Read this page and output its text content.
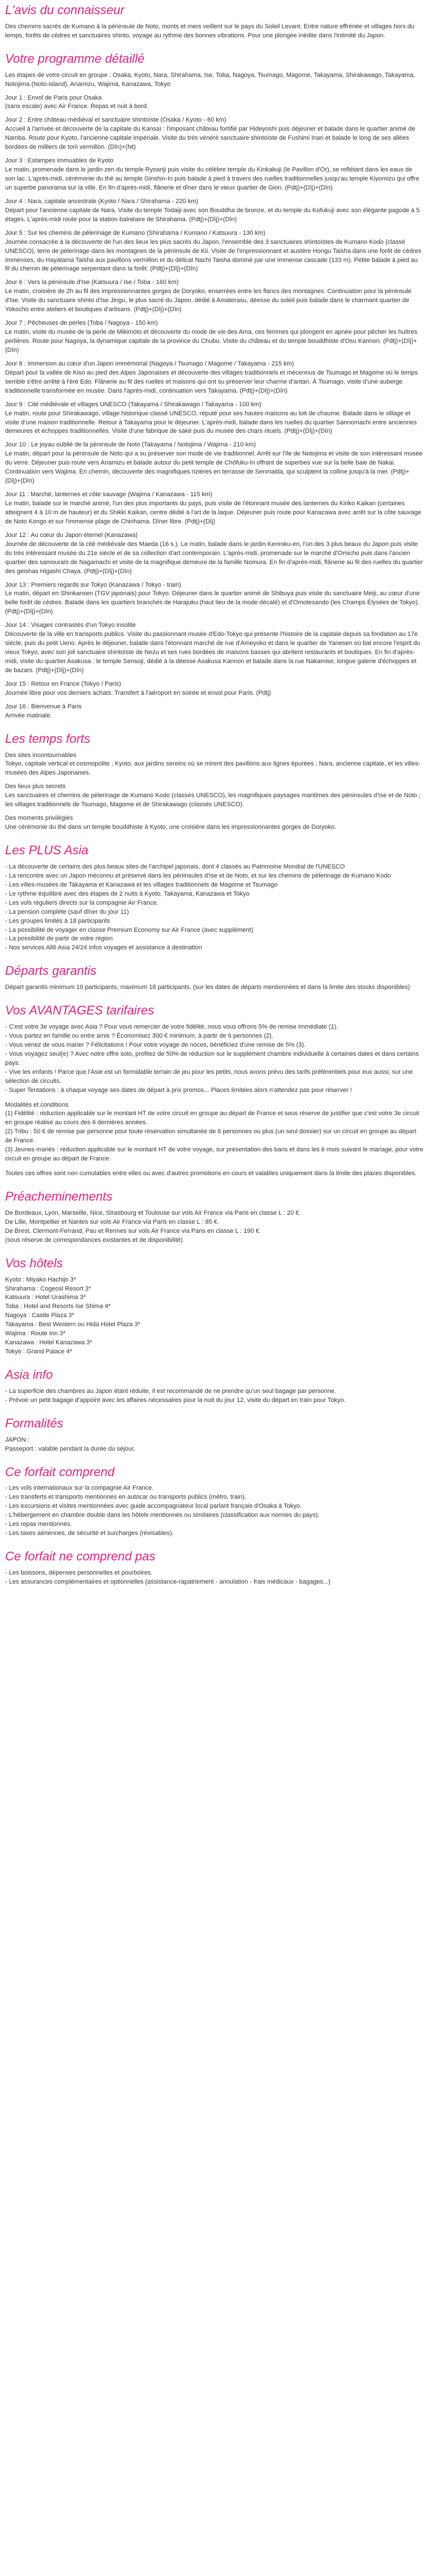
L'avis du connaisseur

Des chemins sacrés de Kumano à la péninsule de Noto, monts et mers veillent sur le pays du Soleil Levant. Entre nature effrénée et villages hors du temps, forêts de cèdres et sanctuaires shinto, voyage au rythme des bonnes vibrations. Pour une plongée inédite dans l'intimité du Japon.

Votre programme détaillé

Les étapes de votre circuit en groupe : Osaka, Kyoto, Nara, Shirahama, Ise, Toba, Nagoya, Tsumago, Magome, Takayama, Shirakawago, Takayama, Notojima (Noto-island), Anamizu, Wajima, Kanazawa, Tokyo

Jour 1 : Envol de Paris pour Osaka
(sans escale) avec Air France. Repas et nuit à bord.

Jour 2 : Entre château médiéval et sanctuaire shintoïste (Osaka / Kyoto - 60 km)
Accueil à l'arrivée et découverte de la capitale du Kansaï : l'imposant château fortifié par Hideyoshi puis déjeuner et balade dans le quartier animé de Namba. Route pour Kyoto, l'ancienne capitale impériale. Visite du très vénéré sanctuaire shintoïste de Fushimi Inari et balade le long de ses allées bordées de milliers de torii vermillon. (Dîn)+(Nt)
Jour 3 : Estampes immuables de Kyoto
Le matin, promenade dans le jardin zen du temple Ryoanji puis visite du célèbre temple du Kinkakuji (le Pavillon d'Or), se reflétant dans les eaux de son lac. L'après-midi, cérémonie du thé au temple Ginshin-In puis balade à pied à travers des ruelles traditionnelles jusqu'au temple Kiyomizu qui offre un superbe panorama sur la ville. En fin d'après-midi, flânerie et dîner dans le vieux quartier de Gion. (Pdtj)+(Dîj)+(Dîn)
Jour 4 : Nara, capitale ancestrale (Kyoto / Nara / Shirahama - 220 km)
Départ pour l'ancienne capitale de Nara. Visite du temple Todaiji avec son Bouddha de bronze, et du temple du Kofukuji avec son élégante pagode à 5 étages. L'après-midi route pour la station balnéaire de Shirahama. (Pdtj)+(Dîj)+(Dîn)
Jour 5 : Sur les chemins de pèlerinage de Kumano (Shirahama / Kumano / Katsuura - 130 km)
Journée consacrée à la découverte de l'un des lieux les plus sacrés du Japon, l'ensemble des 3 sanctuaires shintoïstes de Kumano Kodo (classé UNESCO), terre de pèlerinage dans les montagnes de la péninsule de Kii. Visite de l'impressionnant et austère Hongu Taisha dans une forêt de cèdres immenses, du Hayatama Taisha aux pavillons vermillon et du délicat Nachi Taisha dominé par une immense cascade (133 m). Petite balade à pied au fil du chemin de pèlerinage serpentant dans la forêt. (Pdtj)+(Dîj)+(Dîn)
Jour 6 : Vers la péninsule d'Ise (Katsuura / Ise / Toba - 160 km)
Le matin, croisière de 2h au fil des impressionnantes gorges de Doryoko, enserrées entre les flancs des montagnes. Continuation pour la péninsule d'Ise. Visite du sanctuaire shinto d'Ise Jingu, le plus sacré du Japon, dédié à Amaterasu, déesse du soleil puis balade dans le charmant quartier de Yokocho entre ateliers et boutiques d'artisans. (Pdtj)+(Dîj)+(Dîn)
Jour 7 : Pêcheuses de perles (Toba / Nagoya - 150 km)
Le matin, visite du musée de la perle de Mikimoto et découverte du mode de vie des Ama, ces femmes qui plongent en apnée pour pêcher les huîtres perlières. Route pour Nagoya, la dynamique capitale de la province du Chubu. Visite du château et du temple bouddhiste d'Osu Kannon. (Pdtj)+(Dîj)+(Dîn)
Jour 8 : Immersion au cœur d'un Japon immémorial (Nagoya / Tsumago / Magome / Takayama - 215 km)
Départ pour la vallée de Kiso au pied des Alpes Japonaises et découverte des villages traditionnels et mécennus de Tsumago et Magome où le temps semble s'être arrêté à l'ère Edo. Flânerie au fil des ruelles et maisons qui ont su préserver leur charme d'antan. À Tsumago, visite d'une auberge traditionnelle transformée en musée. Dans l'après-midi, continuation vers Takayama. (Pdtj)+(Dîj)+(Dîn)
Jour 9 : Cité médiévale et villages UNESCO (Takayama / Shirakawago / Takayama - 100 km)
Le matin, route pour Shirakawago, village historique classé UNESCO, réputé pour ses hautes maisons au toit de chaume. Balade dans le village et visite d'une maison traditionnelle. Retour à Takayama pour le déjeuner. L'après-midi, balade dans les ruelles du quartier Sannomachi entre anciennes demeures et échoppes traditionnelles. Visite d'une fabrique de saké puis du musée des chars rituels. (Pdtj)+(Dîj)+(Dîn)
Jour 10 : Le joyau oublié de la péninsule de Noto (Takayama / Notojima / Wajima - 210 km)
Le matin, départ pour la péninsule de Noto qui a su préserver son mode de vie traditionnel. Arrêt sur l'île de Notojima et visite de son intéressant musée du verre. Déjeuner puis route vers Anamizu et balade autour du petit temple de Chōfuku-In offrant de superbes vue sur la belle baie de Nakai. Continuation vers Wajima. En chemin, découverte des magnifiques rizières en terrasse de Senmaida, qui sculptent la colline jusqu'à la mer. (Pdtj)+(Dîj)+(Dîn)
Jour 11 : Marché, lanternes et côte sauvage (Wajima / Kanazawa - 115 km)
Le matin, balade sur le marché animé, l'un des plus importants du pays, puis visite de l'étonnant musée des lanternes du Kiriko Kaikan (certaines atteignent 4 à 10 m de hauteur) et du Shikki Kaikan, centre dédié à l'art de la laque. Déjeuner puis route pour Kanazawa avec arrêt sur la côte sauvage de Noto Kongo et sur l'immense plage de Chirihama. Dîner libre. (Pdtj)+(Dîj)
Jour 12 : Au cœur du Japon éternel (Kanazawa)
Journée de découverte de la cité médiévale des Maeda (16 s.). Le matin, balade dans le jardin Kenroku-en, l'un des 3 plus beaux du Japon puis visite du très intéressant musée du 21e siècle et de sa collection d'art contemporain. L'après-midi, promenade sur le marché d'Omicho puis dans l'ancien quartier des samouraïs de Nagamachi et visite de la magnifique demeure de la famille Nomura. En fin d'après-midi, flânerie au fil des ruelles du quartier des geishas Higashi Chaya. (Pdtj)+(Dîj)+(Dîn)
Jour 13 : Premiers regards sur Tokyo (Kanazawa / Tokyo - train)
Le matin, départ en Shinkansen (TGV japonais) pour Tokyo. Déjeuner dans le quartier animé de Shibuya puis visite du sanctuaire Meiji, au cœur d'une belle forêt de cèdres. Balade dans les quartiers branchés de Harajuku (haut lieu de la mode décalé) et d'Omotesando (les Champs Élysées de Tokyo). (Pdtj)+(Dîj)+(Dîn)
Jour 14 : Visages contrastés d'un Tokyo insolite
Découverte de la ville en transports publics. Visite du passionnant musée d'Edo-Tokyo qui présente l'histoire de la capitale depuis sa fondation au 17e siècle, puis du petit Ueno. Après le déjeuner, balade dans l'étonnant marché de rue d'Ameyoko et dans le quartier de Yanesen où bat encore l'esprit du vieux Tokyo, avec son joli sanctuaire shintoïste de Nezu et ses rues bordées de maisons basses qui abritent restaurants et boutiques. En fin d'après-midi, visite du quartier Asakusa : le temple Sensoji, dédié à la déesse Asakusa Kannon et balade dans la rue Nakamise, longue galerie d'échoppes et de bazars. (Pdtj)+(Dîj)+(Dîn)
Jour 15 : Retour en France (Tokyo / Paris)
Journée libre pour vos derniers achats. Transfert à l'aéroport en soirée et envol pour Paris. (Pdtj)
Jour 16 : Bienvenue à Paris
Arrivée matinale.
Les temps forts
Des sites incontournables
Tokyo, capitale vertical et cosmopolite ; Kyoto, aux jardins sereins où se mirent des pavillons aux lignes épurées ; Nara, ancienne capitale, et les villes-musées des Alpes Japonaises.
Des lieux plus secrets
Les sanctuaires et chemins de pèlerinage de Kumano Kodo (classés UNESCO), les magnifiques paysages maritimes des péninsules d'Ise et de Noto ; les villages traditionnels de Tsumago, Magome et de Shirakawago (classés UNESCO).
Des moments privilégiés
Une cérémonie du thé dans un temple bouddhiste à Kyoto, une croisière dans les impressionnantes gorges de Doryoko.
Les PLUS Asia
- La découverte de certains des plus beaux sites de l'archipel japonais, dont 4 classés au Patrimoine Mondial de l'UNESCO
- La rencontre avec un Japon méconnu et préservé dans les péninsules d'Ise et de Noto, et sur les chemins de pèlerinage de Kumano Kodo
- Les villes-musées de Takayama et Kanazawa et les villages traditionnels de Magome et Tsumago
- Le rythme équilibré avec des étapes de 2 nuits à Kyoto, Takayama, Kanazawa et Tokyo
- Les vols réguliers directs sur la compagnie Air France.
- La pension complète (sauf dîner du jour 11)
- Les groupes limités à 18 participants
- La possibilité de voyager en classe Premium Economy sur Air France (avec supplément)
- La possibilité de partir de votre région
- Nos services Allô Asia 24/24 infos voyages et assistance à destination
Départs garantis

Départ garantis minimum 10 participants, maximum 18 participants. (sur les dates de départs mentionnées et dans la limite des stocks disponibles)

Vos AVANTAGES tarifaires
- C'est votre 3e voyage avec Asia ? Pour vous remercier de votre fidélité, nous vous offrons 5% de remise immédiate (1).
- Vous partez en famille ou entre amis ? Économisez 300 € minimum, à partir de 6 personnes (2).
- Vous venez de vous marier ? Félicitations ! Pour votre voyage de noces, bénéficiez d'une remise de 5% (3).
- Vous voyagez seul(e) ? Avec notre offre solo, profitez de 50% de réduction sur le supplément chambre individuelle à certaines dates et dans certains pays.
- Vive les enfants ! Parce que l'Asie est un formidable terrain de jeu pour les petits, nous avons prévu des tarifs préférentiels pour eux aussi, sur une sélection de circuits.
- Super Tentations : à chaque voyage ses dates de départ à prix promos... Places limitées alors n'attendez pas pour réserver !
Modalités et conditions
(1) Fidélité : réduction applicable sur le montant HT de votre circuit en groupe au départ de France et sous réserve de justifier que c'est votre 3e circuit en groupe réalisé au cours des 6 dernières années.
(2) Tribu : 50 € de remise par personne pour toute réservation simultanée de 6 personnes ou plus (un seul dossier) sur un circuit en groupe au départ de France.
(3) Jeunes mariés : réduction applicable sur le montant HT de votre voyage, sur présentation des bans et dans les 6 mois suivant le mariage, pour votre circuit en groupe au départ de France.

Toutes ces offres sont non cumulables entre elles ou avec d'autres promotions en cours et valables uniquement dans la limite des places disponibles.

Préacheminements
De Bordeaux, Lyon, Marseille, Nice, Strasbourg et Toulouse sur vols Air France via Paris en classe L : 20 €.
De Lille, Montpellier et Nantes sur vols Air France via Paris en classe L : 85 €.
De Brest, Clermont-Ferrand, Pau et Rennes sur vols Air France via Paris en classe L : 190 €.
(sous réserve de correspondances existantes et de disponibilité)
Vos hôtels
Kyoto : Miyako Hachijo 3*
Shirahama : Cogeosl Resort 3*
Katsuura : Hotel Urashima 3*
Toba : Hotel and Resorts Ise Shima 4*
Nagoya : Castle Plaza 3*
Takayama : Best Western ou Hida Hotel Plaza 3*
Wajima : Route Inn 3*
Kanazawa : Hotel Kanazawa 3*
Tokyo : Grand Palace 4*
Asia info
- La superficie des chambres au Japon étant réduite, il est recommandé de ne prendre qu'un seul bagage par personne.
- Prévoir un petit bagage d'appoint avec les affaires nécessaires pour la nuit du jour 12, visite du départ en train pour Tokyo.
Formalités
JAPON :
Passeport : valable pendant la durée du séjour.
Ce forfait comprend
- Les vols internationaux sur la compagnie Air France.
- Les transferts et transports mentionnés en autocar ou transports publics (métro, train).
- Les excursions et visites mentionnées avec guide accompagnateur local parlant français d'Osaka à Tokyo.
- L'hébergement en chambre double dans les hôtels mentionnés ou similaires (classification aux normes du pays).
- Les repas mentionnés.
- Les taxes aériennes, de sécurité et surcharges (révisables).
Ce forfait ne comprend pas
- Les boissons, dépenses personnelles et pourboires.
- Les assurances complémentaires et optionnelles (assistance-rapatriement - annulation - frais médicaux - bagages...)
